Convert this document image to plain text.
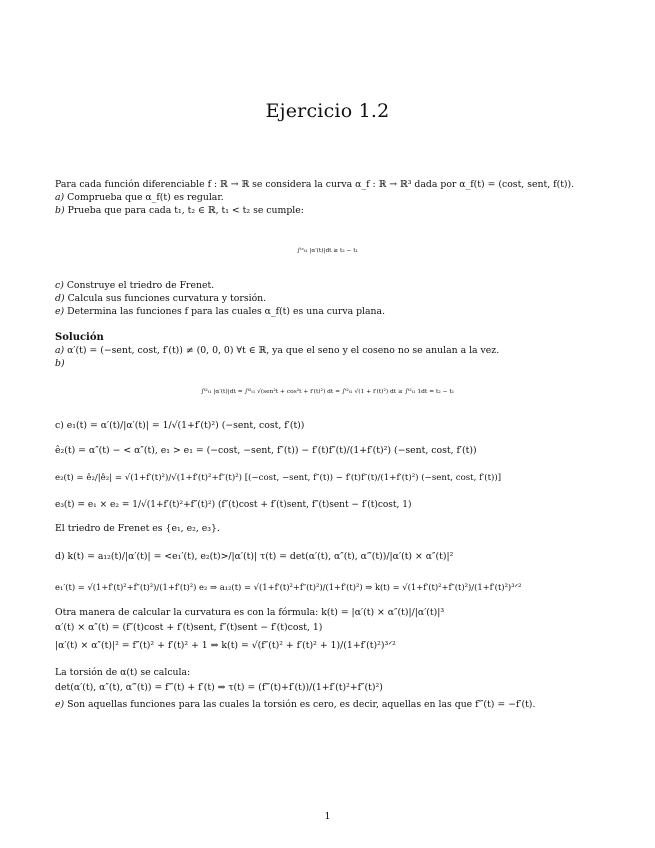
Ejercicio 1.2
Para cada función diferenciable f : ℝ → ℝ se considera la curva α_f : ℝ → ℝ³ dada por α_f(t) = (cost, sent, f(t)).
a) Comprueba que α_f(t) es regular.
b) Prueba que para cada t₁, t₂ ∈ ℝ, t₁ < t₂ se cumple:
∫ᵗ²ₜ₁ |α′(t)|dt ≥ t₂ − t₁
c) Construye el triedro de Frenet.
d) Calcula sus funciones curvatura y torsión.
e) Determina las funciones f para las cuales α_f(t) es una curva plana.
Solución
a) α′(t) = (−sent, cost, f′(t)) ≠ (0, 0, 0) ∀t ∈ ℝ, ya que el seno y el coseno no se anulan a la vez.
b)
∫ᵗ²ₜ₁ |α′(t)|dt = ∫ᵗ²ₜ₁ √(sen²t + cos²t + f′(t)²) dt = ∫ᵗ²ₜ₁ √(1 + f′(t)²) dt ≥ ∫ᵗ²ₜ₁ 1dt = t₂ − t₁
c) e₁(t) = α′(t)/|α′(t)| = 1/√(1+f′(t)²) (−sent, cost, f′(t))
ê₂(t) = α″(t) − < α″(t), e₁ > e₁ = (−cost, −sent, f″(t)) − f′(t)f″(t)/(1+f′(t)²) (−sent, cost, f′(t))
e₂(t) = ê₂/|ê₂| = √(1+f′(t)²)/√(1+f′(t)²+f″(t)²) [(−cost, −sent, f″(t)) − f′(t)f″(t)/(1+f′(t)²) (−sent, cost, f′(t))]
e₃(t) = e₁ × e₂ = 1/√(1+f′(t)²+f″(t)²) (f″(t)cost + f′(t)sent, f″(t)sent − f′(t)cost, 1)
El triedro de Frenet es {e₁, e₂, e₃}.
d) k(t) = a₁₂(t)/|α′(t)| = <e₁′(t), e₂(t)>/|α′(t)| τ(t) = det(α′(t), α″(t), α‴(t))/|α′(t) × α″(t)|²
e₁′(t) = √(1+f′(t)²+f″(t)²)/(1+f′(t)²) e₂ ⇒ a₁₂(t) = √(1+f′(t)²+f″(t)²)/(1+f′(t)²) ⇒ k(t) = √(1+f′(t)²+f″(t)²)/(1+f′(t)²)³ᐟ²
Otra manera de calcular la curvatura es con la fórmula: k(t) = |α′(t) × α″(t)|/|α′(t)|³
α′(t) × α″(t) = (f″(t)cost + f′(t)sent, f″(t)sent − f′(t)cost, 1)
|α′(t) × α″(t)|² = f″(t)² + f′(t)² + 1 ⇒ k(t) = √(f″(t)² + f′(t)² + 1)/(1+f′(t)²)³ᐟ²
La torsión de α(t) se calcula:
det(α′(t), α″(t), α‴(t)) = f‴(t) + f′(t) ⇒ τ(t) = (f‴(t)+f′(t))/(1+f′(t)²+f″(t)²)
e) Son aquellas funciones para las cuales la torsión es cero, es decir, aquellas en las que f‴(t) = −f′(t).
1
